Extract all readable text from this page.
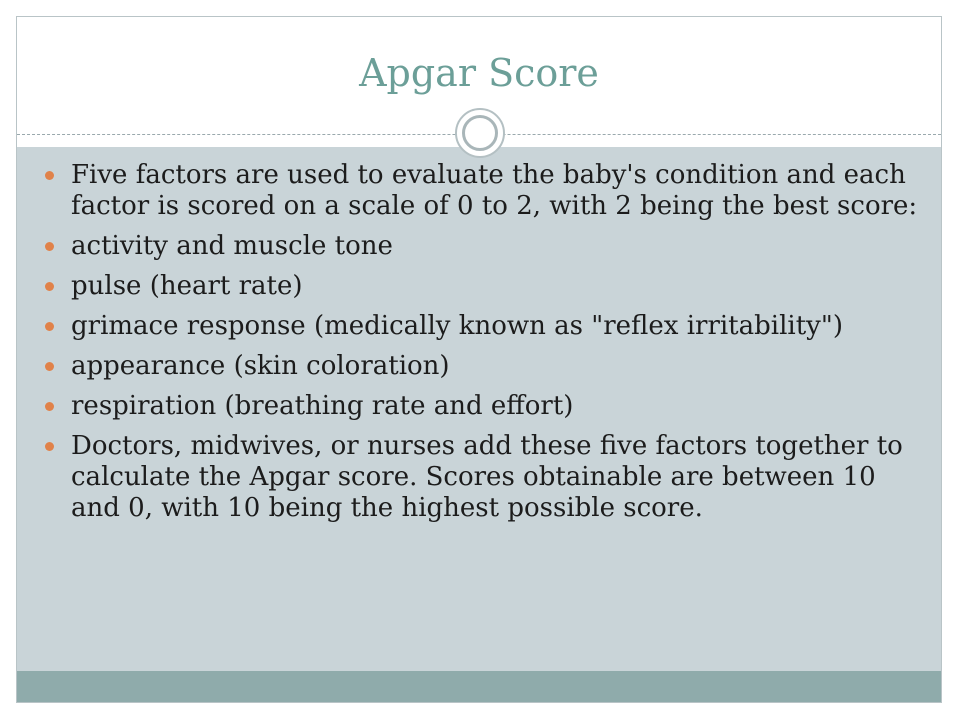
Apgar Score
Five factors are used to evaluate the baby's condition and each factor is scored on a scale of 0 to 2, with 2 being the best score:
activity and muscle tone
pulse (heart rate)
grimace response (medically known as "reflex irritability")
appearance (skin coloration)
respiration (breathing rate and effort)
Doctors, midwives, or nurses add these five factors together to calculate the Apgar score. Scores obtainable are between 10 and 0, with 10 being the highest possible score.
